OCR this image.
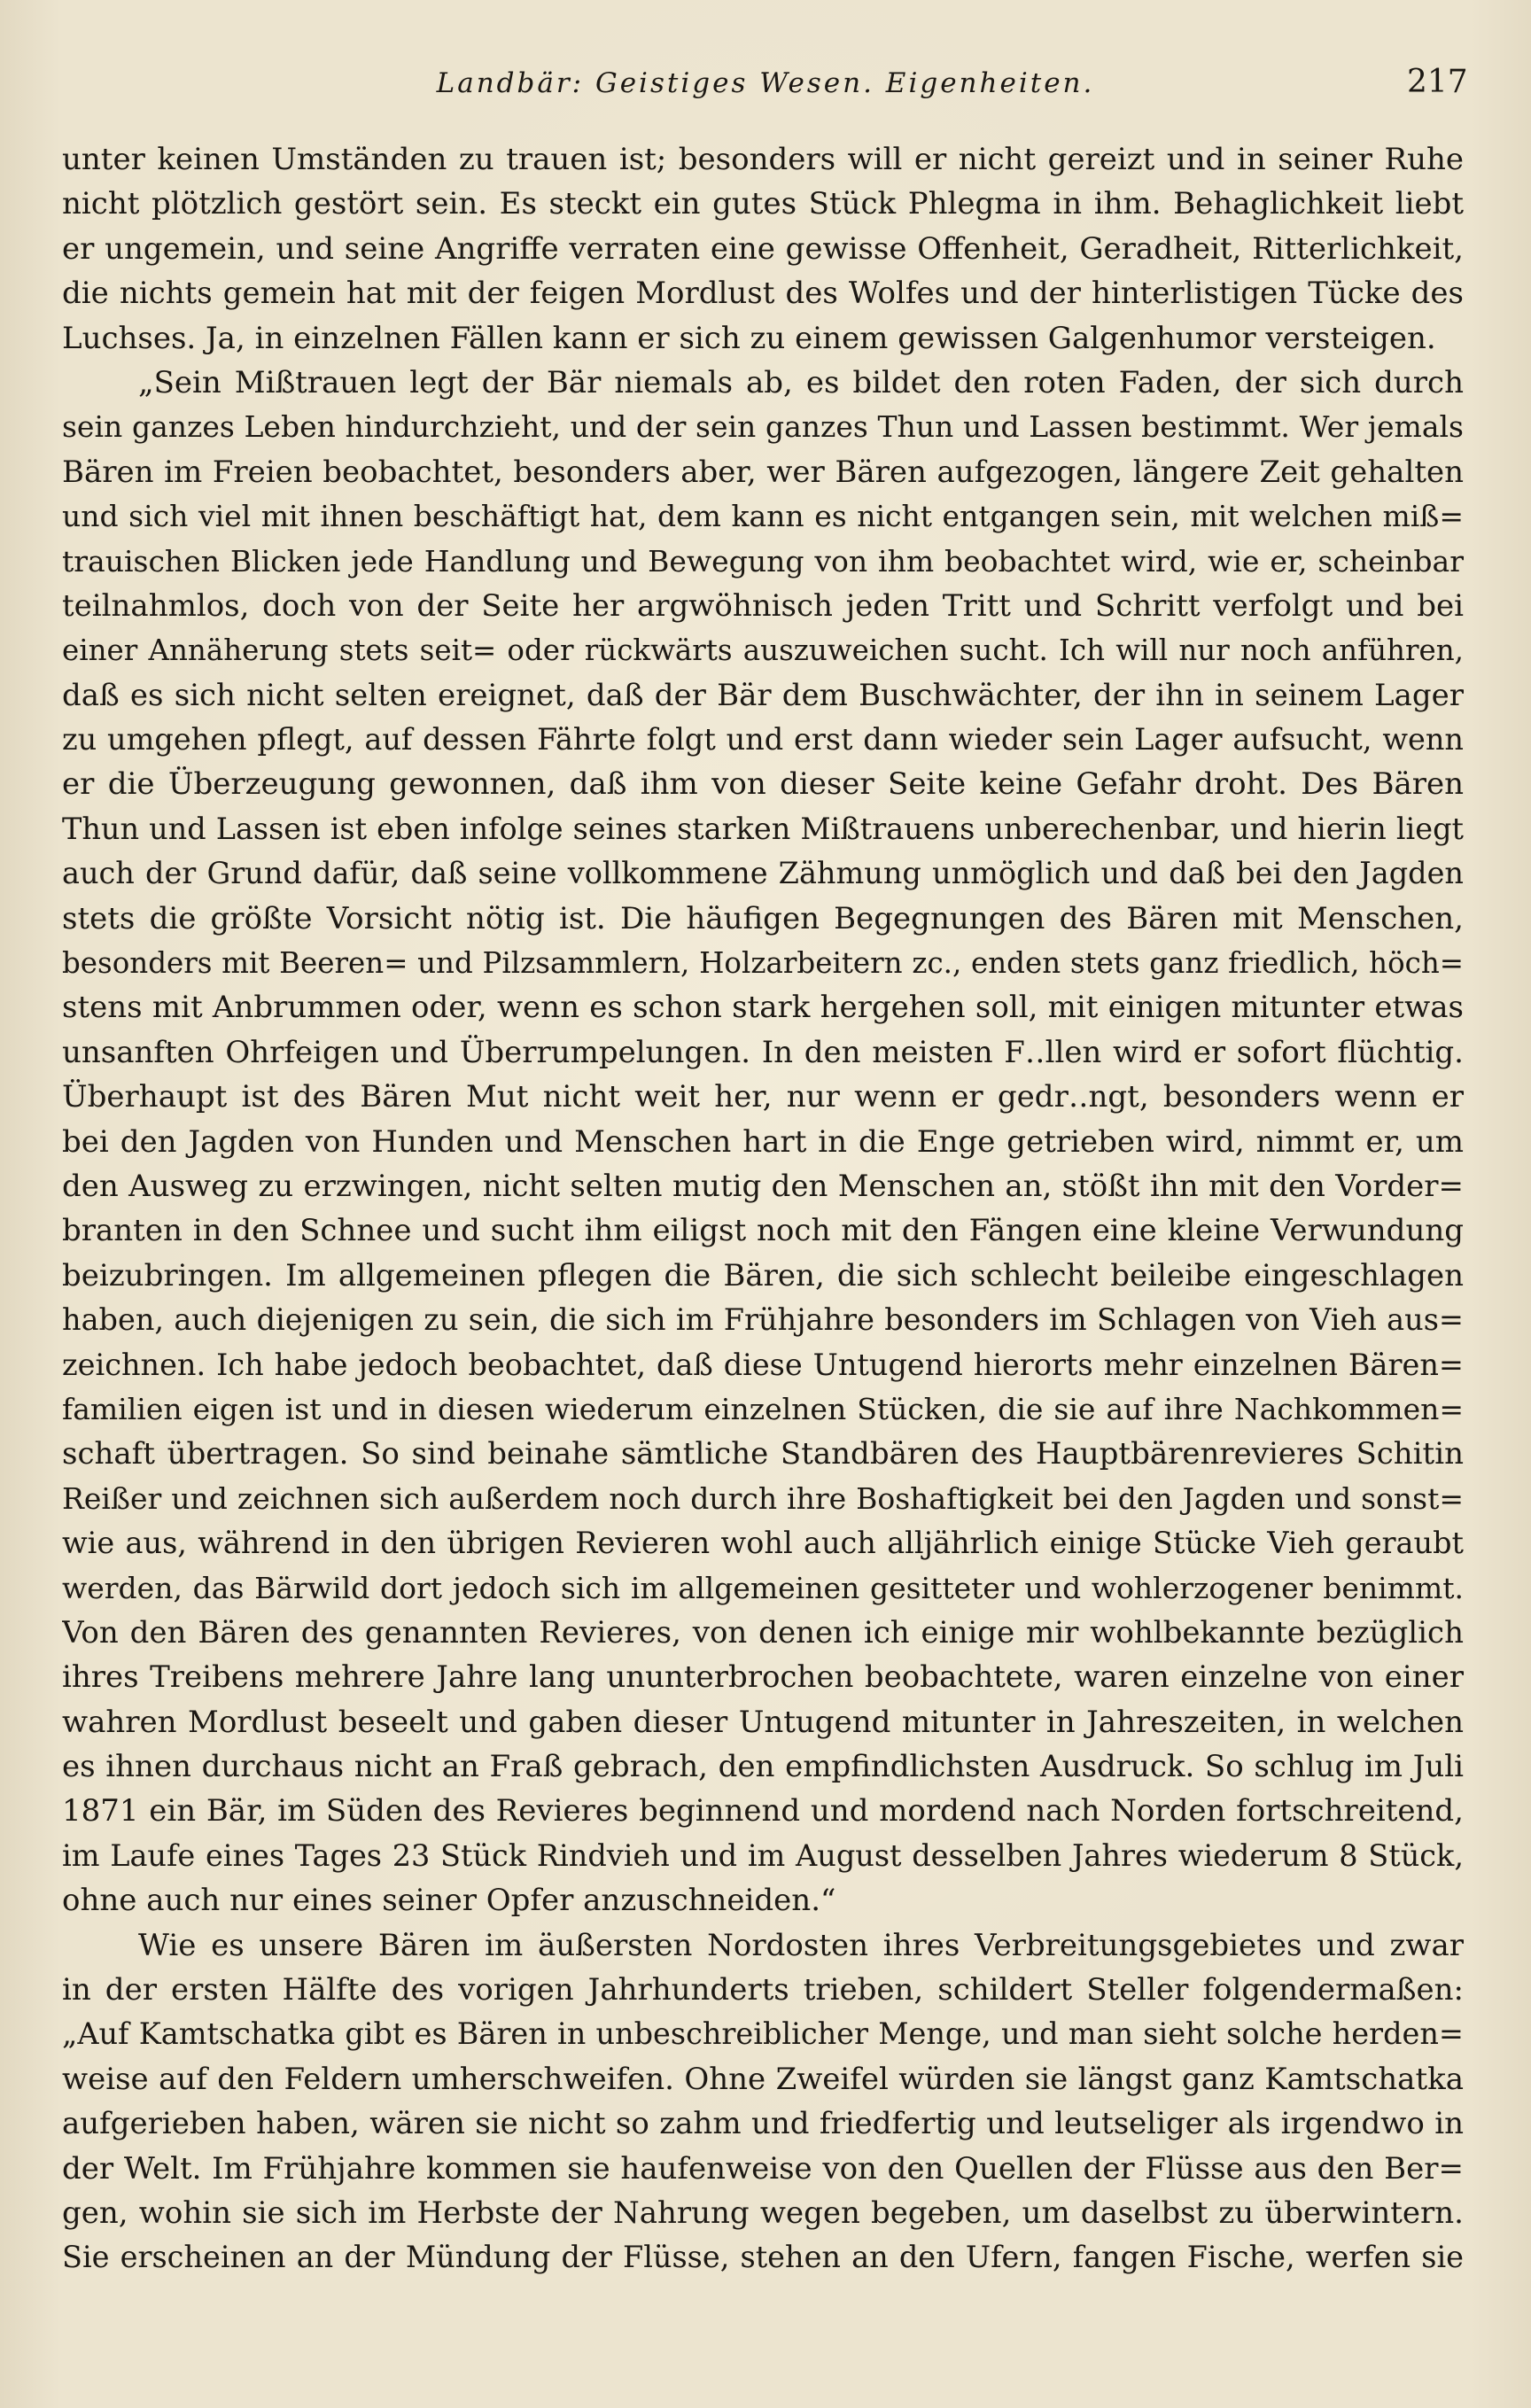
Landbär: Geistiges Wesen. Eigenheiten.	217
unter keinen Umständen zu trauen ist; besonders will er nicht gereizt und in seiner Ruhe
nicht plötzlich gestört sein. Es steckt ein gutes Stück Phlegma in ihm. Behaglichkeit liebt
er ungemein, und seine Angriffe verraten eine gewisse Offenheit, Geradheit, Ritterlichkeit,
die nichts gemein hat mit der feigen Mordlust des Wolfes und der hinterlistigen Tücke des
Luchses. Ja, in einzelnen Fällen kann er sich zu einem gewissen Galgenhumor versteigen.
„Sein Mißtrauen legt der Bär niemals ab, es bildet den roten Faden, der sich durch
sein ganzes Leben hindurchzieht, und der sein ganzes Thun und Lassen bestimmt. Wer jemals
Bären im Freien beobachtet, besonders aber, wer Bären aufgezogen, längere Zeit gehalten
und sich viel mit ihnen beschäftigt hat, dem kann es nicht entgangen sein, mit welchen miß=
trauischen Blicken jede Handlung und Bewegung von ihm beobachtet wird, wie er, scheinbar
teilnahmlos, doch von der Seite her argwöhnisch jeden Tritt und Schritt verfolgt und bei
einer Annäherung stets seit= oder rückwärts auszuweichen sucht. Ich will nur noch anführen,
daß es sich nicht selten ereignet, daß der Bär dem Buschwächter, der ihn in seinem Lager
zu umgehen pflegt, auf dessen Fährte folgt und erst dann wieder sein Lager aufsucht, wenn
er die Überzeugung gewonnen, daß ihm von dieser Seite keine Gefahr droht. Des Bären
Thun und Lassen ist eben infolge seines starken Mißtrauens unberechenbar, und hierin liegt
auch der Grund dafür, daß seine vollkommene Zähmung unmöglich und daß bei den Jagden
stets die größte Vorsicht nötig ist. Die häufigen Begegnungen des Bären mit Menschen,
besonders mit Beeren= und Pilzsammlern, Holzarbeitern zc., enden stets ganz friedlich, höch=
stens mit Anbrummen oder, wenn es schon stark hergehen soll, mit einigen mitunter etwas
unsanften Ohrfeigen und Überrumpelungen. In den meisten F‥llen wird er sofort flüchtig.
Überhaupt ist des Bären Mut nicht weit her, nur wenn er gedr‥ngt, besonders wenn er
bei den Jagden von Hunden und Menschen hart in die Enge getrieben wird, nimmt er, um
den Ausweg zu erzwingen, nicht selten mutig den Menschen an, stößt ihn mit den Vorder=
branten in den Schnee und sucht ihm eiligst noch mit den Fängen eine kleine Verwundung
beizubringen. Im allgemeinen pflegen die Bären, die sich schlecht beileibe eingeschlagen
haben, auch diejenigen zu sein, die sich im Frühjahre besonders im Schlagen von Vieh aus=
zeichnen. Ich habe jedoch beobachtet, daß diese Untugend hierorts mehr einzelnen Bären=
familien eigen ist und in diesen wiederum einzelnen Stücken, die sie auf ihre Nachkommen=
schaft übertragen. So sind beinahe sämtliche Standbären des Hauptbärenrevieres Schitin
Reißer und zeichnen sich außerdem noch durch ihre Boshaftigkeit bei den Jagden und sonst=
wie aus, während in den übrigen Revieren wohl auch alljährlich einige Stücke Vieh geraubt
werden, das Bärwild dort jedoch sich im allgemeinen gesitteter und wohlerzogener benimmt.
Von den Bären des genannten Revieres, von denen ich einige mir wohlbekannte bezüglich
ihres Treibens mehrere Jahre lang ununterbrochen beobachtete, waren einzelne von einer
wahren Mordlust beseelt und gaben dieser Untugend mitunter in Jahreszeiten, in welchen
es ihnen durchaus nicht an Fraß gebrach, den empfindlichsten Ausdruck. So schlug im Juli
1871 ein Bär, im Süden des Revieres beginnend und mordend nach Norden fortschreitend,
im Laufe eines Tages 23 Stück Rindvieh und im August desselben Jahres wiederum 8 Stück,
ohne auch nur eines seiner Opfer anzuschneiden.“
Wie es unsere Bären im äußersten Nordosten ihres Verbreitungsgebietes und zwar
in der ersten Hälfte des vorigen Jahrhunderts trieben, schildert Steller folgendermaßen:
„Auf Kamtschatka gibt es Bären in unbeschreiblicher Menge, und man sieht solche herden=
weise auf den Feldern umherschweifen. Ohne Zweifel würden sie längst ganz Kamtschatka
aufgerieben haben, wären sie nicht so zahm und friedfertig und leutseliger als irgendwo in
der Welt. Im Frühjahre kommen sie haufenweise von den Quellen der Flüsse aus den Ber=
gen, wohin sie sich im Herbste der Nahrung wegen begeben, um daselbst zu überwintern.
Sie erscheinen an der Mündung der Flüsse, stehen an den Ufern, fangen Fische, werfen sie
